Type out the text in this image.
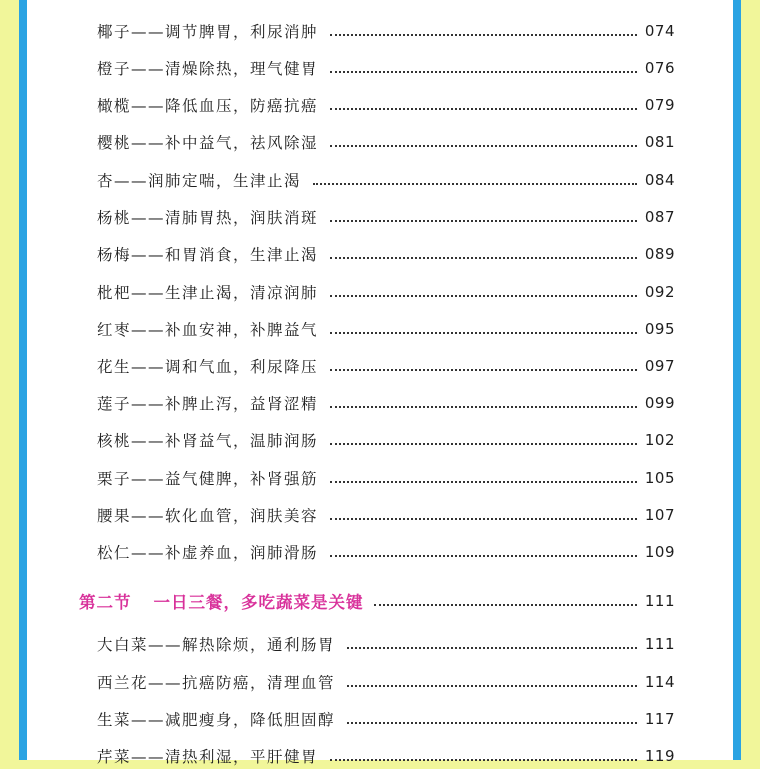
椰子——调节脾胃，利尿消肿	074
橙子——清燥除热，理气健胃	076
橄榄——降低血压，防癌抗癌	079
樱桃——补中益气，祛风除湿	081
杏——润肺定喘，生津止渴	084
杨桃——清肺胃热，润肤消斑	087
杨梅——和胃消食，生津止渴	089
枇杷——生津止渴，清凉润肺	092
红枣——补血安神，补脾益气	095
花生——调和气血，利尿降压	097
莲子——补脾止泻，益肾涩精	099
核桃——补肾益气，温肺润肠	102
栗子——益气健脾，补肾强筋	105
腰果——软化血管，润肤美容	107
松仁——补虚养血，润肺滑肠	109
第二节 一日三餐，多吃蔬菜是关键	111
大白菜——解热除烦，通利肠胃	111
西兰花——抗癌防癌，清理血管	114
生菜——减肥瘦身，降低胆固醇	117
芹菜——清热利湿，平肝健胃	119
